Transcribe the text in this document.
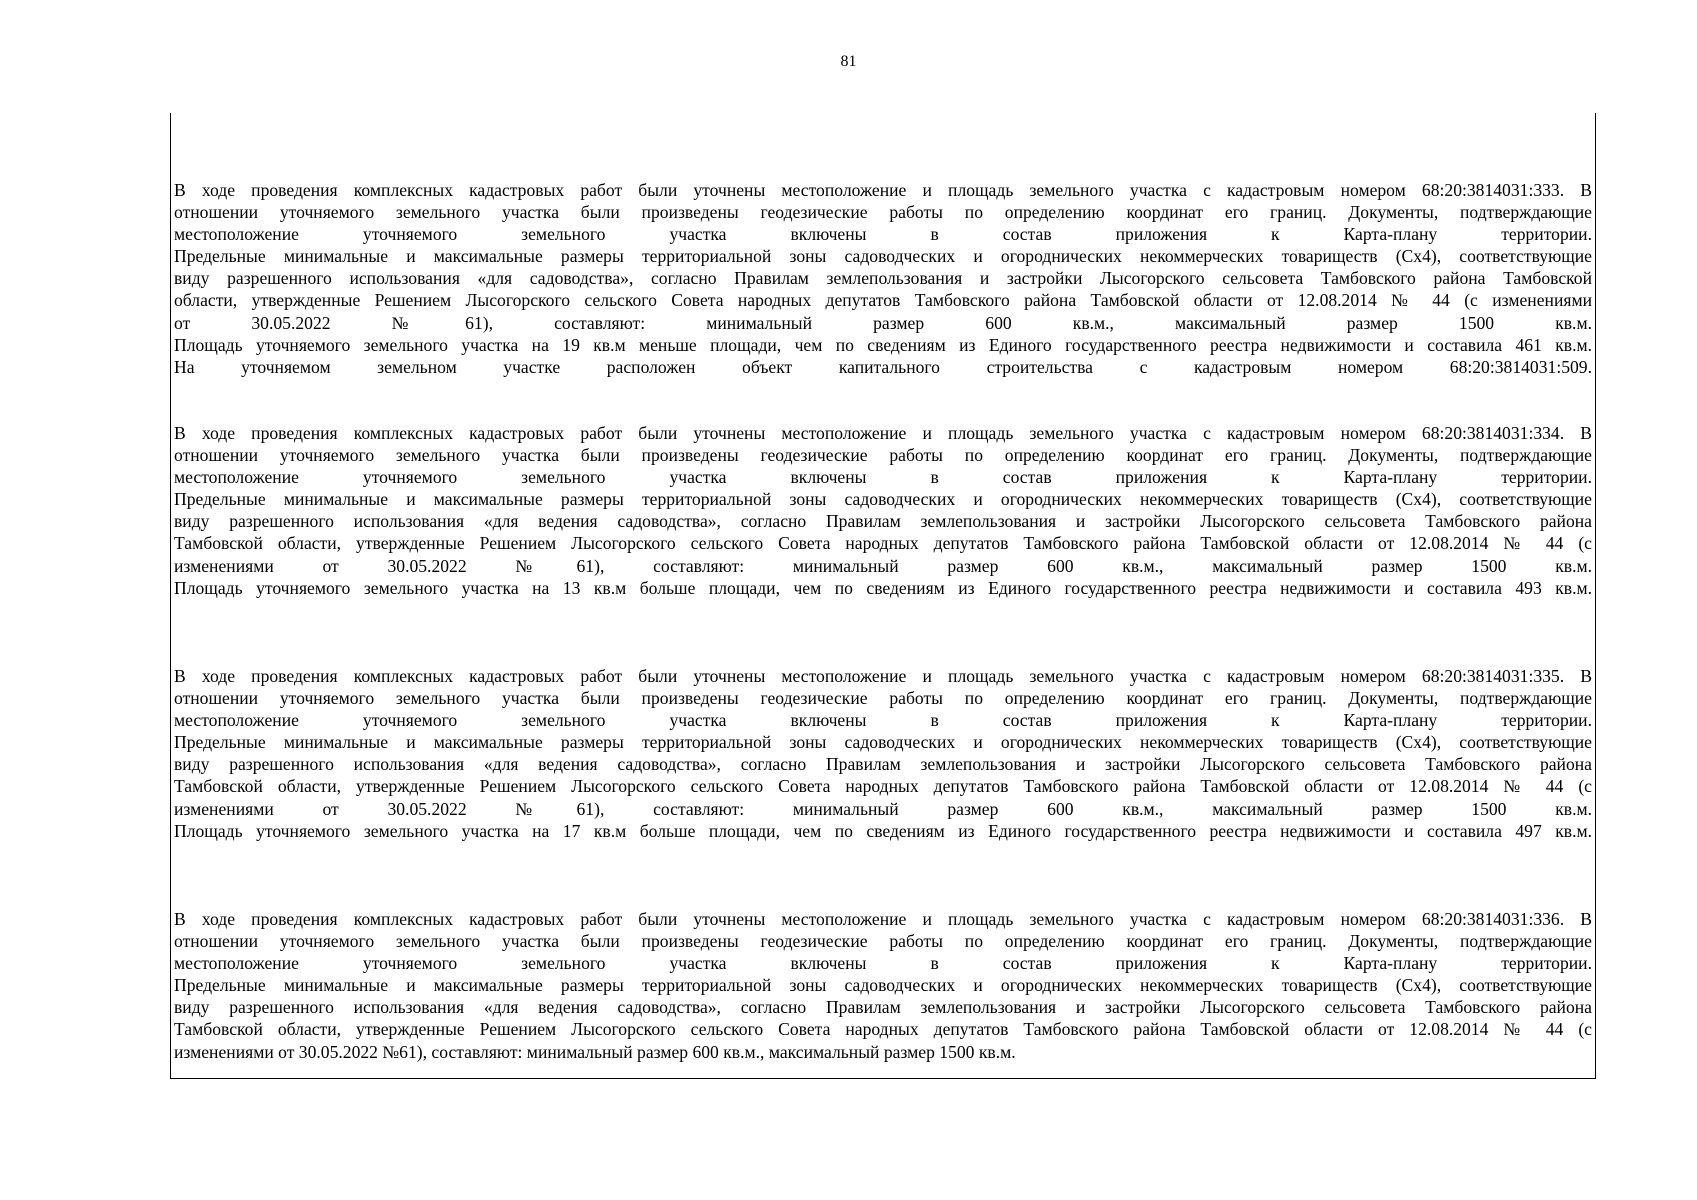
81
В ходе проведения комплексных кадастровых работ были уточнены местоположение и площадь земельного участка с кадастровым номером 68:20:3814031:333. В
отношении уточняемого земельного участка были произведены геодезические работы по определению координат его границ. Документы, подтверждающие
местоположение уточняемого земельного участка включены в состав приложения к Карта-плану территории.
Предельные минимальные и максимальные размеры территориальной зоны садоводческих и огороднических некоммерческих товариществ (Сх4), соответствующие
виду разрешенного использования «для садоводства», согласно Правилам землепользования и застройки Лысогорского сельсовета Тамбовского района Тамбовской
области, утвержденные Решением Лысогорского сельского Совета народных депутатов Тамбовского района Тамбовской области от 12.08.2014 № 44 (с изменениями
от 30.05.2022 №61), составляют: минимальный размер 600 кв.м., максимальный размер 1500 кв.м.
Площадь уточняемого земельного участка на 19 кв.м меньше площади, чем по сведениям из Единого государственного реестра недвижимости и составила 461 кв.м.
На уточняемом земельном участке расположен объект капитального строительства с кадастровым номером 68:20:3814031:509.
В ходе проведения комплексных кадастровых работ были уточнены местоположение и площадь земельного участка с кадастровым номером 68:20:3814031:334. В
отношении уточняемого земельного участка были произведены геодезические работы по определению координат его границ. Документы, подтверждающие
местоположение уточняемого земельного участка включены в состав приложения к Карта-плану территории.
Предельные минимальные и максимальные размеры территориальной зоны садоводческих и огороднических некоммерческих товариществ (Сх4), соответствующие
виду разрешенного использования «для ведения садоводства», согласно Правилам землепользования и застройки Лысогорского сельсовета Тамбовского района
Тамбовской области, утвержденные Решением Лысогорского сельского Совета народных депутатов Тамбовского района Тамбовской области от 12.08.2014 № 44 (с
изменениями от 30.05.2022 №61), составляют: минимальный размер 600 кв.м., максимальный размер 1500 кв.м.
Площадь уточняемого земельного участка на 13 кв.м больше площади, чем по сведениям из Единого государственного реестра недвижимости и составила 493 кв.м.
В ходе проведения комплексных кадастровых работ были уточнены местоположение и площадь земельного участка с кадастровым номером 68:20:3814031:335. В
отношении уточняемого земельного участка были произведены геодезические работы по определению координат его границ. Документы, подтверждающие
местоположение уточняемого земельного участка включены в состав приложения к Карта-плану территории.
Предельные минимальные и максимальные размеры территориальной зоны садоводческих и огороднических некоммерческих товариществ (Сх4), соответствующие
виду разрешенного использования «для ведения садоводства», согласно Правилам землепользования и застройки Лысогорского сельсовета Тамбовского района
Тамбовской области, утвержденные Решением Лысогорского сельского Совета народных депутатов Тамбовского района Тамбовской области от 12.08.2014 № 44 (с
изменениями от 30.05.2022 №61), составляют: минимальный размер 600 кв.м., максимальный размер 1500 кв.м.
Площадь уточняемого земельного участка на 17 кв.м больше площади, чем по сведениям из Единого государственного реестра недвижимости и составила 497 кв.м.
В ходе проведения комплексных кадастровых работ были уточнены местоположение и площадь земельного участка с кадастровым номером 68:20:3814031:336. В
отношении уточняемого земельного участка были произведены геодезические работы по определению координат его границ. Документы, подтверждающие
местоположение уточняемого земельного участка включены в состав приложения к Карта-плану территории.
Предельные минимальные и максимальные размеры территориальной зоны садоводческих и огороднических некоммерческих товариществ (Сх4), соответствующие
виду разрешенного использования «для ведения садоводства», согласно Правилам землепользования и застройки Лысогорского сельсовета Тамбовского района
Тамбовской области, утвержденные Решением Лысогорского сельского Совета народных депутатов Тамбовского района Тамбовской области от 12.08.2014 № 44 (с
изменениями от 30.05.2022 №61), составляют: минимальный размер 600 кв.м., максимальный размер 1500 кв.м.
